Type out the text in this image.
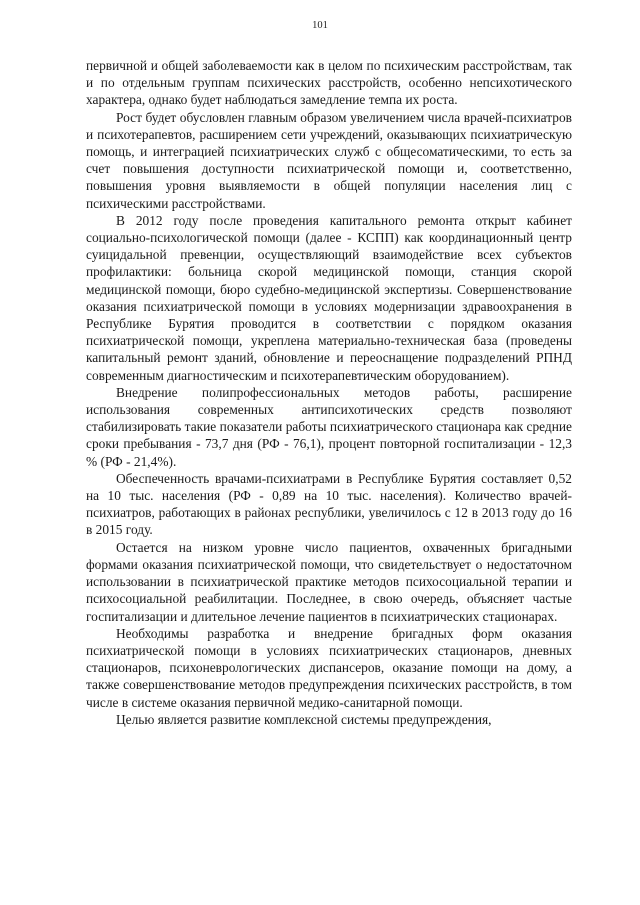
101

первичной и общей заболеваемости как в целом по психическим расстройствам, так и по отдельным группам психических расстройств, особенно непсихотического характера, однако будет наблюдаться замедление темпа их роста.

Рост будет обусловлен главным образом увеличением числа врачей-психиатров и психотерапевтов, расширением сети учреждений, оказывающих психиатрическую помощь, и интеграцией психиатрических служб с общесоматическими, то есть за счет повышения доступности психиатрической помощи и, соответственно, повышения уровня выявляемости в общей популяции населения лиц с психическими расстройствами.

В 2012 году после проведения капитального ремонта открыт кабинет социально-психологической помощи (далее - КСПП) как координационный центр суицидальной превенции, осуществляющий взаимодействие всех субъектов профилактики: больница скорой медицинской помощи, станция скорой медицинской помощи, бюро судебно-медицинской экспертизы. Совершенствование оказания психиатрической помощи в условиях модернизации здравоохранения в Республике Бурятия проводится в соответствии с порядком оказания психиатрической помощи, укреплена материально-техническая база (проведены капитальный ремонт зданий, обновление и переоснащение подразделений РПНД современным диагностическим и психотерапевтическим оборудованием).

Внедрение полипрофессиональных методов работы, расширение использования современных антипсихотических средств позволяют стабилизировать такие показатели работы психиатрического стационара как средние сроки пребывания - 73,7 дня (РФ - 76,1), процент повторной госпитализации - 12,3 % (РФ - 21,4%).

Обеспеченность врачами-психиатрами в Республике Бурятия составляет 0,52 на 10 тыс. населения (РФ - 0,89 на 10 тыс. населения). Количество врачей-психиатров, работающих в районах республики, увеличилось с 12 в 2013 году до 16 в 2015 году.

Остается на низком уровне число пациентов, охваченных бригадными формами оказания психиатрической помощи, что свидетельствует о недостаточном использовании в психиатрической практике методов психосоциальной терапии и психосоциальной реабилитации. Последнее, в свою очередь, объясняет частые госпитализации и длительное лечение пациентов в психиатрических стационарах.

Необходимы разработка и внедрение бригадных форм оказания психиатрической помощи в условиях психиатрических стационаров, дневных стационаров, психоневрологических диспансеров, оказание помощи на дому, а также совершенствование методов предупреждения психических расстройств, в том числе в системе оказания первичной медико-санитарной помощи.

Целью является развитие комплексной системы предупреждения,
